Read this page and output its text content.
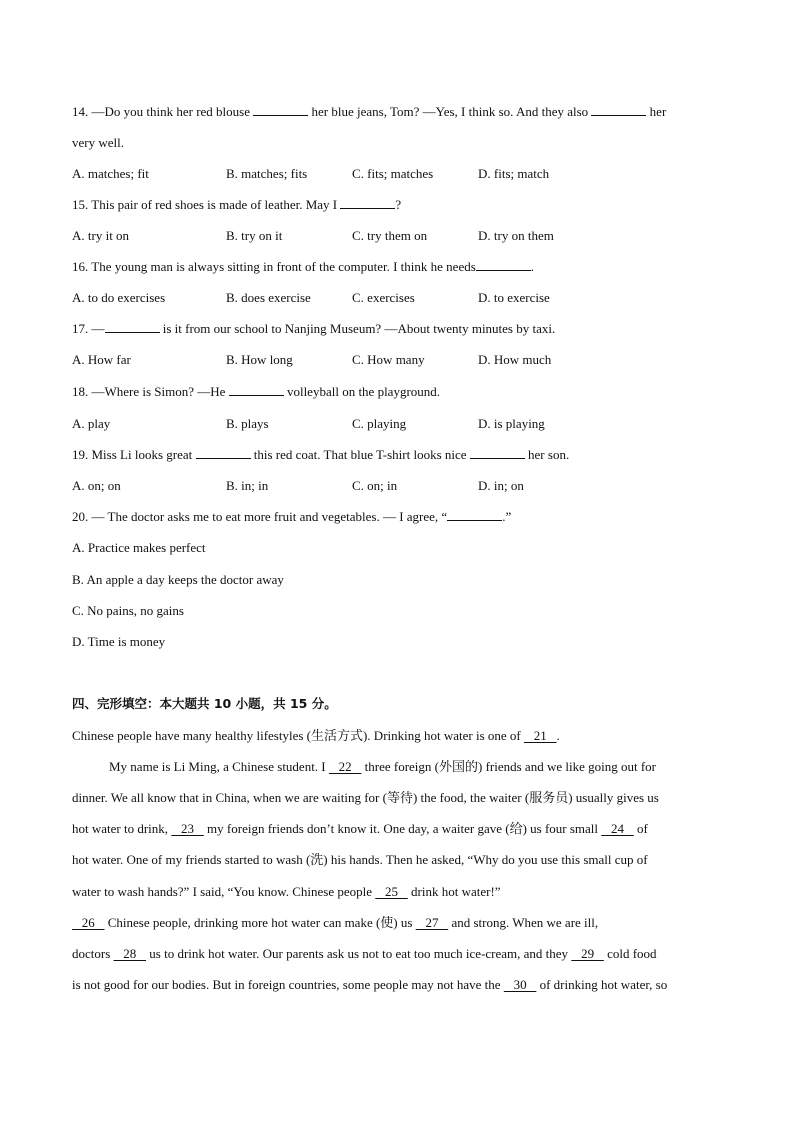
14. —Do you think her red blouse	her blue jeans, Tom? —Yes, I think so. And they also	her
very well.
A. matches; fit	B. matches; fits	C. fits; matches	D. fits; match
15. This pair of red shoes is made of leather. May I	?
A. try it on	B. try on it	C. try them on	D. try on them
16. The young man is always sitting in front of the computer. I think he needs	.
A. to do exercises	B. does exercise	C. exercises	D. to exercise
17. —	is it from our school to Nanjing Museum? —About twenty minutes by taxi.
A. How far	B. How long	C. How many	D. How much
18. —Where is Simon? —He	volleyball on the playground.
A. play	B. plays	C. playing	D. is playing
19. Miss Li looks great	this red coat. That blue T-shirt looks nice	her son.
A. on; on	B. in; in	C. on; in	D. in; on
20. — The doctor asks me to eat more fruit and vegetables. — I agree, “	.”
A. Practice makes perfect
B. An apple a day keeps the doctor away
C. No pains, no gains
D. Time is money
四、完形填空：本大题共 10 小题，共 15 分。
Chinese people have many healthy lifestyles (生活方式). Drinking hot water is one of    21   .
My name is Li Ming, a Chinese student. I    22    three foreign (外国的) friends and we like going out for
dinner. We all know that in China, when we are waiting for (等待) the food, the waiter (服务员) usually gives us
hot water to drink,    23    my foreign friends don’t know it. One day, a waiter gave (给) us four small    24    of
hot water. One of my friends started to wash (洗) his hands. Then he asked, “Why do you use this small cup of
water to wash hands?” I said, “You know. Chinese people    25    drink hot water!”
26    Chinese people, drinking more hot water can make (使) us    27    and strong. When we are ill,
doctors    28    us to drink hot water. Our parents ask us not to eat too much ice-cream, and they    29    cold food
is not good for our bodies. But in foreign countries, some people may not have the    30    of drinking hot water, so
